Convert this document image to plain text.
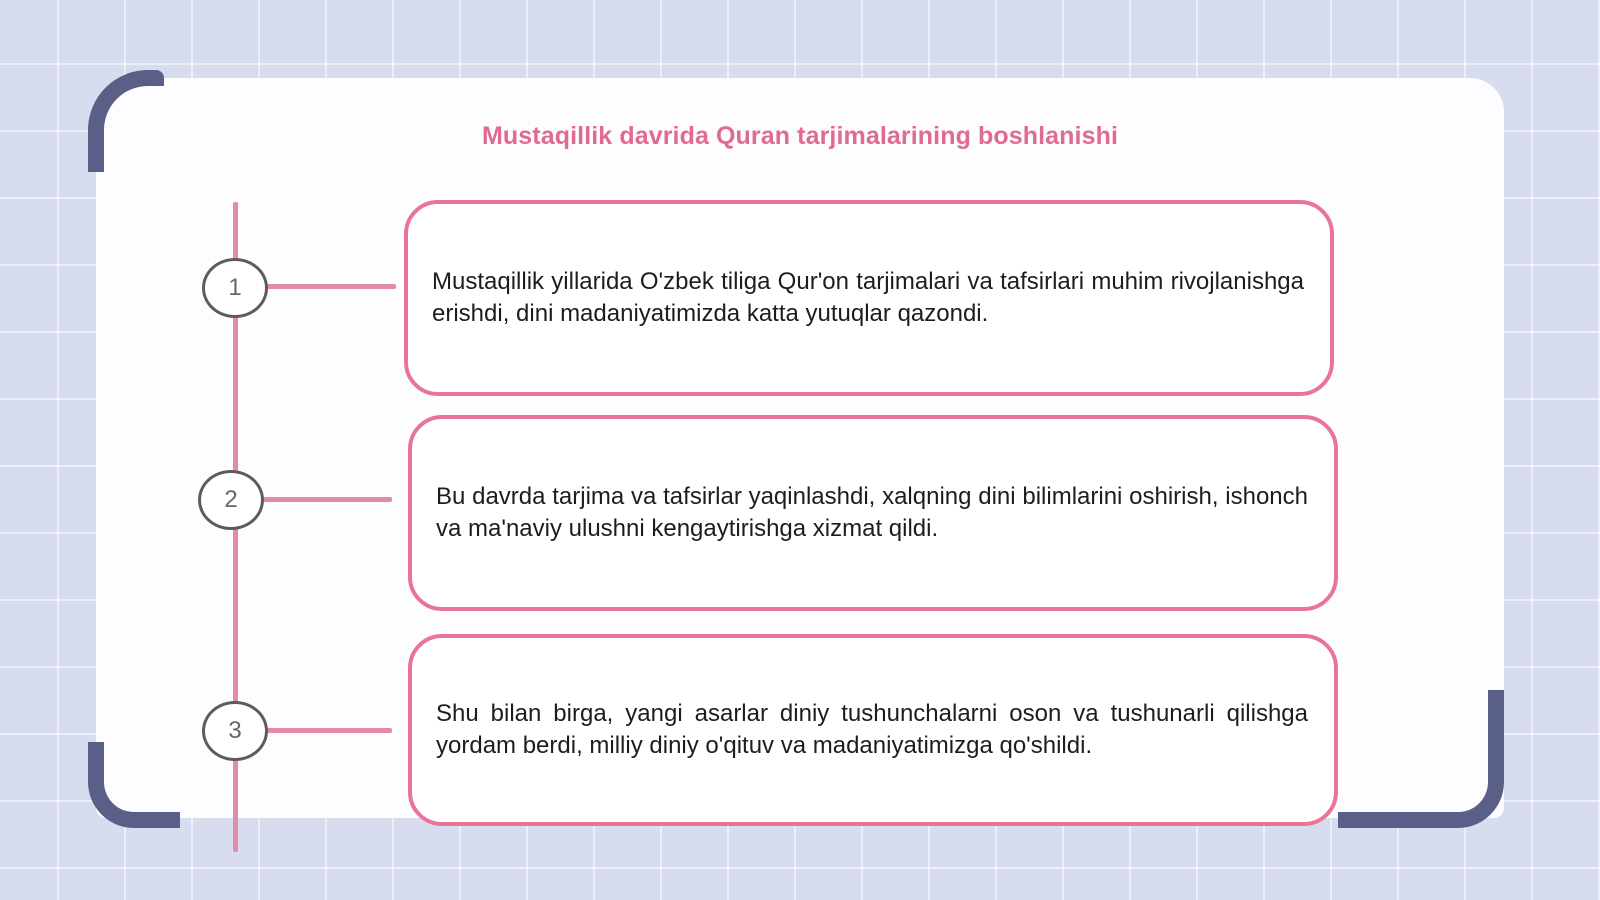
Mustaqillik davrida Quran tarjimalarining boshlanishi
1	Mustaqillik yillarida O'zbek tiliga Qur'on tarjimalari va tafsirlari muhim rivojlanishga erishdi, dini madaniyatimizda katta yutuqlar qazondi.
2	Bu davrda tarjima va tafsirlar yaqinlashdi, xalqning dini bilimlarini oshirish, ishonch va ma'naviy ulushni kengaytirishga xizmat qildi.
3
Shu bilan birga, yangi asarlar diniy tushunchalarni oson va tushunarli qilishga yordam berdi, milliy diniy o'qituv va madaniyatimizga qo'shildi.
